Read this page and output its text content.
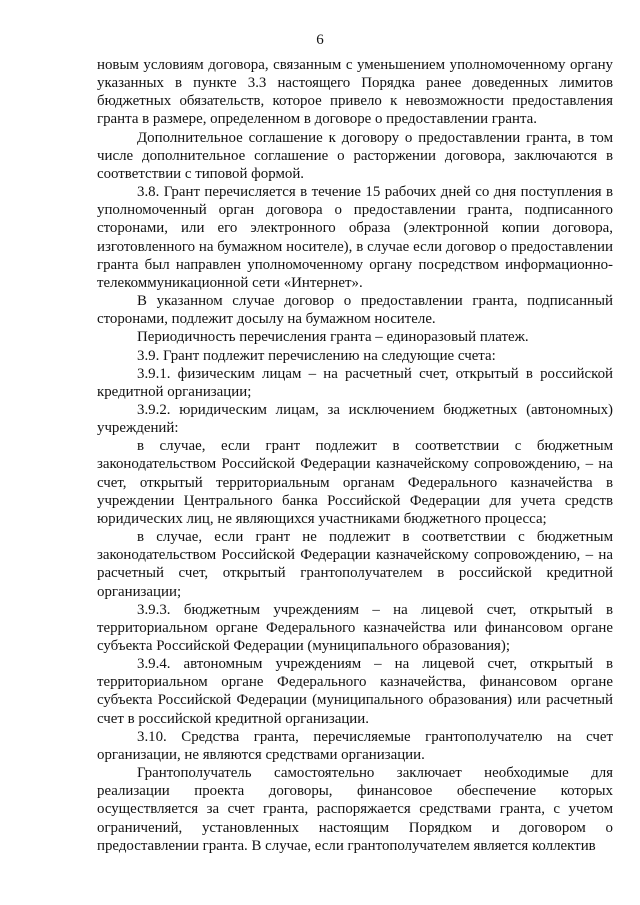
6

новым условиям договора, связанным с уменьшением уполномоченному органу указанных в пункте 3.3 настоящего Порядка ранее доведенных лимитов бюджетных обязательств, которое привело к невозможности предоставления гранта в размере, определенном в договоре о предоставлении гранта.

Дополнительное соглашение к договору о предоставлении гранта, в том числе дополнительное соглашение о расторжении договора, заключаются в соответствии с типовой формой.

3.8. Грант перечисляется в течение 15 рабочих дней со дня поступления в уполномоченный орган договора о предоставлении гранта, подписанного сторонами, или его электронного образа (электронной копии договора, изготовленного на бумажном носителе), в случае если договор о предоставлении гранта был направлен уполномоченному органу посредством информационно-телекоммуникационной сети «Интернет».

В указанном случае договор о предоставлении гранта, подписанный сторонами, подлежит досылу на бумажном носителе.

Периодичность перечисления гранта – единоразовый платеж.

3.9. Грант подлежит перечислению на следующие счета:

3.9.1. физическим лицам – на расчетный счет, открытый в российской кредитной организации;

3.9.2. юридическим лицам, за исключением бюджетных (автономных) учреждений:

в случае, если грант подлежит в соответствии с бюджетным законодательством Российской Федерации казначейскому сопровождению, – на счет, открытый территориальным органам Федерального казначейства в учреждении Центрального банка Российской Федерации для учета средств юридических лиц, не являющихся участниками бюджетного процесса;

в случае, если грант не подлежит в соответствии с бюджетным законодательством Российской Федерации казначейскому сопровождению, – на расчетный счет, открытый грантополучателем в российской кредитной организации;

3.9.3. бюджетным учреждениям – на лицевой счет, открытый в территориальном органе Федерального казначейства или финансовом органе субъекта Российской Федерации (муниципального образования);

3.9.4. автономным учреждениям – на лицевой счет, открытый в территориальном органе Федерального казначейства, финансовом органе субъекта Российской Федерации (муниципального образования) или расчетный счет в российской кредитной организации.

3.10. Средства гранта, перечисляемые грантополучателю на счет организации, не являются средствами организации.

Грантополучатель самостоятельно заключает необходимые для реализации проекта договоры, финансовое обеспечение которых осуществляется за счет гранта, распоряжается средствами гранта, с учетом ограничений, установленных настоящим Порядком и договором о предоставлении гранта. В случае, если грантополучателем является коллектив
